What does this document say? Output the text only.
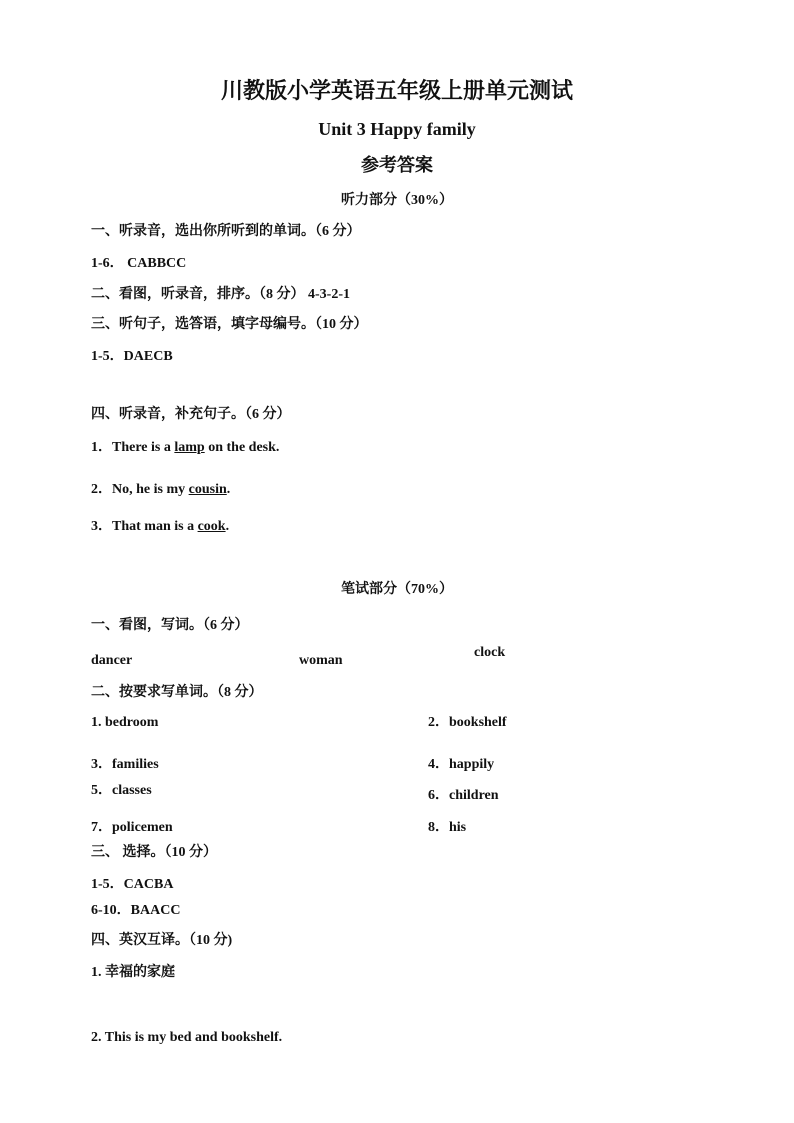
川教版小学英语五年级上册单元测试
Unit 3 Happy family
参考答案
听力部分（30%）
一、听录音，选出你所听到的单词。（6 分）
1-6． CABBCC
二、看图，听录音，排序。（8 分） 4-3-2-1
三、听句子，选答语，填字母编号。（10 分）
1-5．DAECB
四、听录音，补充句子。（6 分）
1．There is a lamp on the desk.
2．No, he is my cousin.
3．That man is a cook.
笔试部分（70%）
一、看图，写词。（6 分）
dancer	woman
clock
二、按要求写单词。（8 分）
1. bedroom	2．bookshelf
3．families	4．happily
5．classes	6．children
7．policemen	8．his
三、 选择。（10 分）
1-5．CACBA
6-10．BAACC
四、英汉互译。（10 分)
1. 幸福的家庭
2. This is my bed and bookshelf.
